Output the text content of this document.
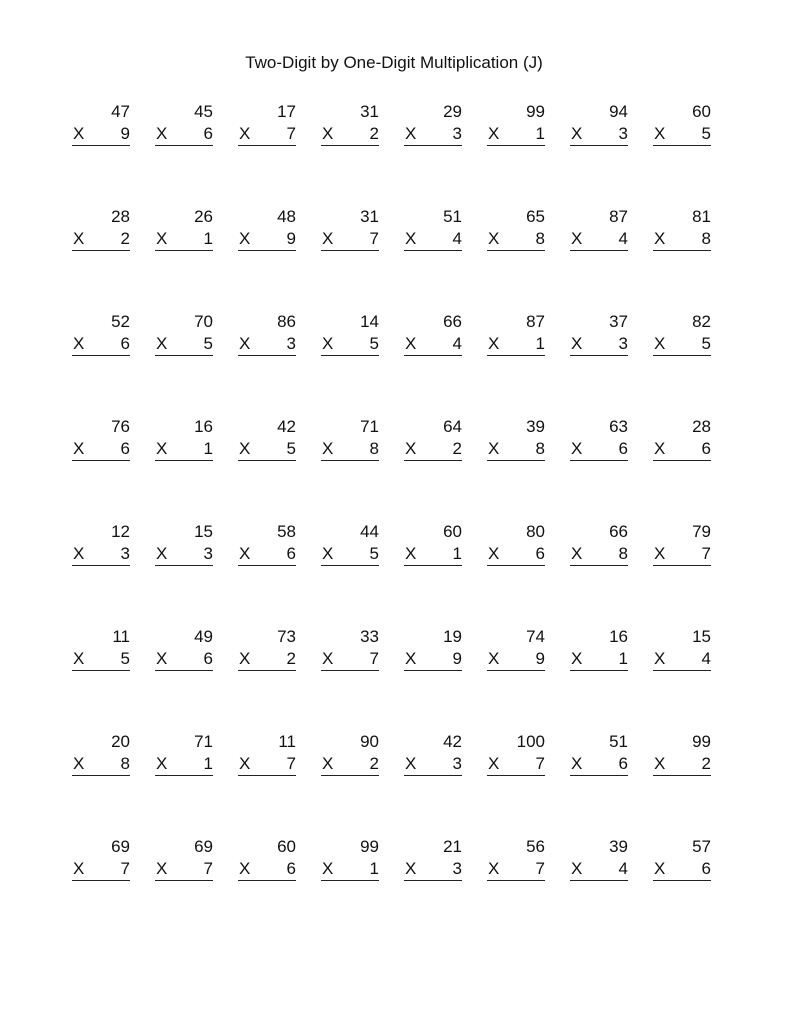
Two-Digit by One-Digit Multiplication (J)
47
X 9
45
X 6
17
X 7
31
X 2
29
X 3
99
X 1
94
X 3
60
X 5
28
X 2
26
X 1
48
X 9
31
X 7
51
X 4
65
X 8
87
X 4
81
X 8
52
X 6
70
X 5
86
X 3
14
X 5
66
X 4
87
X 1
37
X 3
82
X 5
76
X 6
16
X 1
42
X 5
71
X 8
64
X 2
39
X 8
63
X 6
28
X 6
12
X 3
15
X 3
58
X 6
44
X 5
60
X 1
80
X 6
66
X 8
79
X 7
11
X 5
49
X 6
73
X 2
33
X 7
19
X 9
74
X 9
16
X 1
15
X 4
20
X 8
71
X 1
11
X 7
90
X 2
42
X 3
100
X 7
51
X 6
99
X 2
69
X 7
69
X 7
60
X 6
99
X 1
21
X 3
56
X 7
39
X 4
57
X 6
